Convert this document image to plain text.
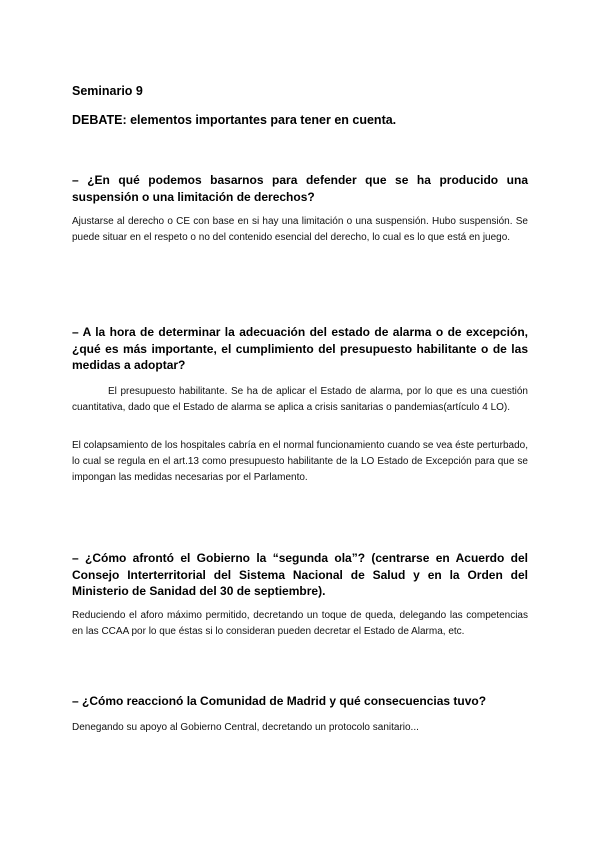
Seminario 9
DEBATE: elementos importantes para tener en cuenta.
– ¿En qué podemos basarnos para defender que se ha producido una suspensión o una limitación de derechos?
Ajustarse al derecho o CE con base en si hay una limitación o una suspensión. Hubo suspensión. Se puede situar en el respeto o no del contenido esencial del derecho, lo cual es lo que está en juego.
– A la hora de determinar la adecuación del estado de alarma o de excepción, ¿qué es más importante, el cumplimiento del presupuesto habilitante o de las medidas a adoptar?
El presupuesto habilitante. Se ha de aplicar el Estado de alarma, por lo que es una cuestión cuantitativa, dado que el Estado de alarma se aplica a crisis sanitarias o pandemias(artículo 4 LO).
El colapsamiento de los hospitales cabría en el normal funcionamiento cuando se vea éste perturbado, lo cual se regula en el art.13 como presupuesto habilitante de la LO Estado de Excepción para que se impongan las medidas necesarias por el Parlamento.
– ¿Cómo afrontó el Gobierno la “segunda ola”? (centrarse en Acuerdo del Consejo Interterritorial del Sistema Nacional de Salud y en la Orden del Ministerio de Sanidad del 30 de septiembre).
Reduciendo el aforo máximo permitido, decretando un toque de queda, delegando las competencias en las CCAA por lo que éstas si lo consideran pueden decretar el Estado de Alarma, etc.
– ¿Cómo reaccionó la Comunidad de Madrid y qué consecuencias tuvo?
Denegando su apoyo al Gobierno Central, decretando un protocolo sanitario...
